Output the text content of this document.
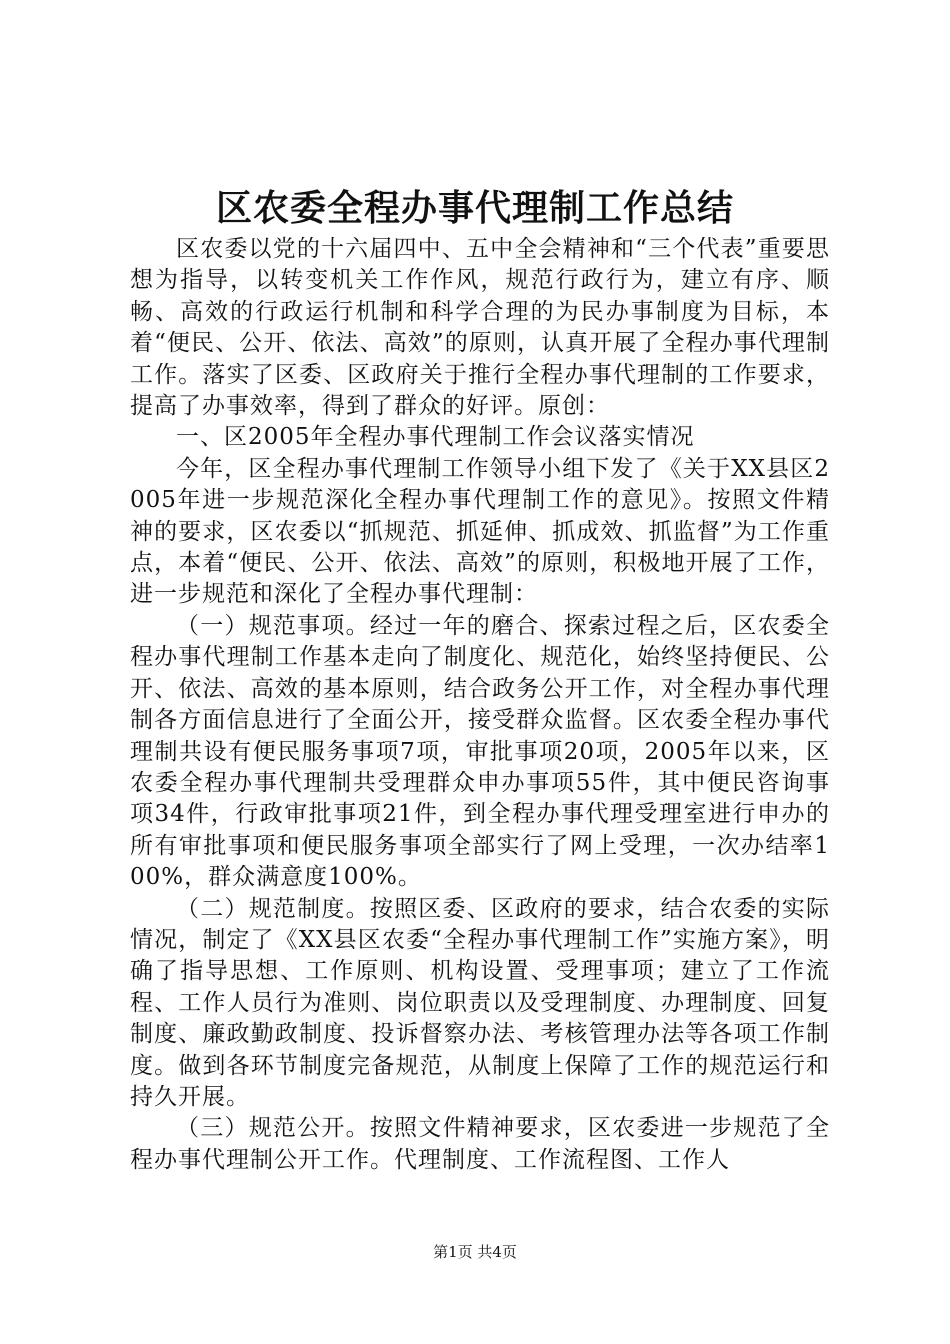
区农委全程办事代理制工作总结

区农委以党的十六届四中、五中全会精神和“三个代表”重要思想为指导，以转变机关工作作风，规范行政行为，建立有序、顺畅、高效的行政运行机制和科学合理的为民办事制度为目标，本着“便民、公开、依法、高效”的原则，认真开展了全程办事代理制工作。落实了区委、区政府关于推行全程办事代理制的工作要求，提高了办事效率，得到了群众的好评。原创：

一、区2005年全程办事代理制工作会议落实情况

今年，区全程办事代理制工作领导小组下发了《关于XX县区2005年进一步规范深化全程办事代理制工作的意见》。按照文件精神的要求，区农委以“抓规范、抓延伸、抓成效、抓监督”为工作重点，本着“便民、公开、依法、高效”的原则，积极地开展了工作，进一步规范和深化了全程办事代理制：

（一）规范事项。经过一年的磨合、探索过程之后，区农委全程办事代理制工作基本走向了制度化、规范化，始终坚持便民、公开、依法、高效的基本原则，结合政务公开工作，对全程办事代理制各方面信息进行了全面公开，接受群众监督。区农委全程办事代理制共设有便民服务事项7项，审批事项20项，2005年以来，区农委全程办事代理制共受理群众申办事项55件，其中便民咨询事项34件，行政审批事项21件，到全程办事代理受理室进行申办的所有审批事项和便民服务事项全部实行了网上受理，一次办结率100%，群众满意度100%。

（二）规范制度。按照区委、区政府的要求，结合农委的实际情况，制定了《XX县区农委“全程办事代理制工作”实施方案》，明确了指导思想、工作原则、机构设置、受理事项；建立了工作流程、工作人员行为准则、岗位职责以及受理制度、办理制度、回复制度、廉政勤政制度、投诉督察办法、考核管理办法等各项工作制度。做到各环节制度完备规范，从制度上保障了工作的规范运行和持久开展。

（三）规范公开。按照文件精神要求，区农委进一步规范了全程办事代理制公开工作。代理制度、工作流程图、工作人

第1页 共4页
